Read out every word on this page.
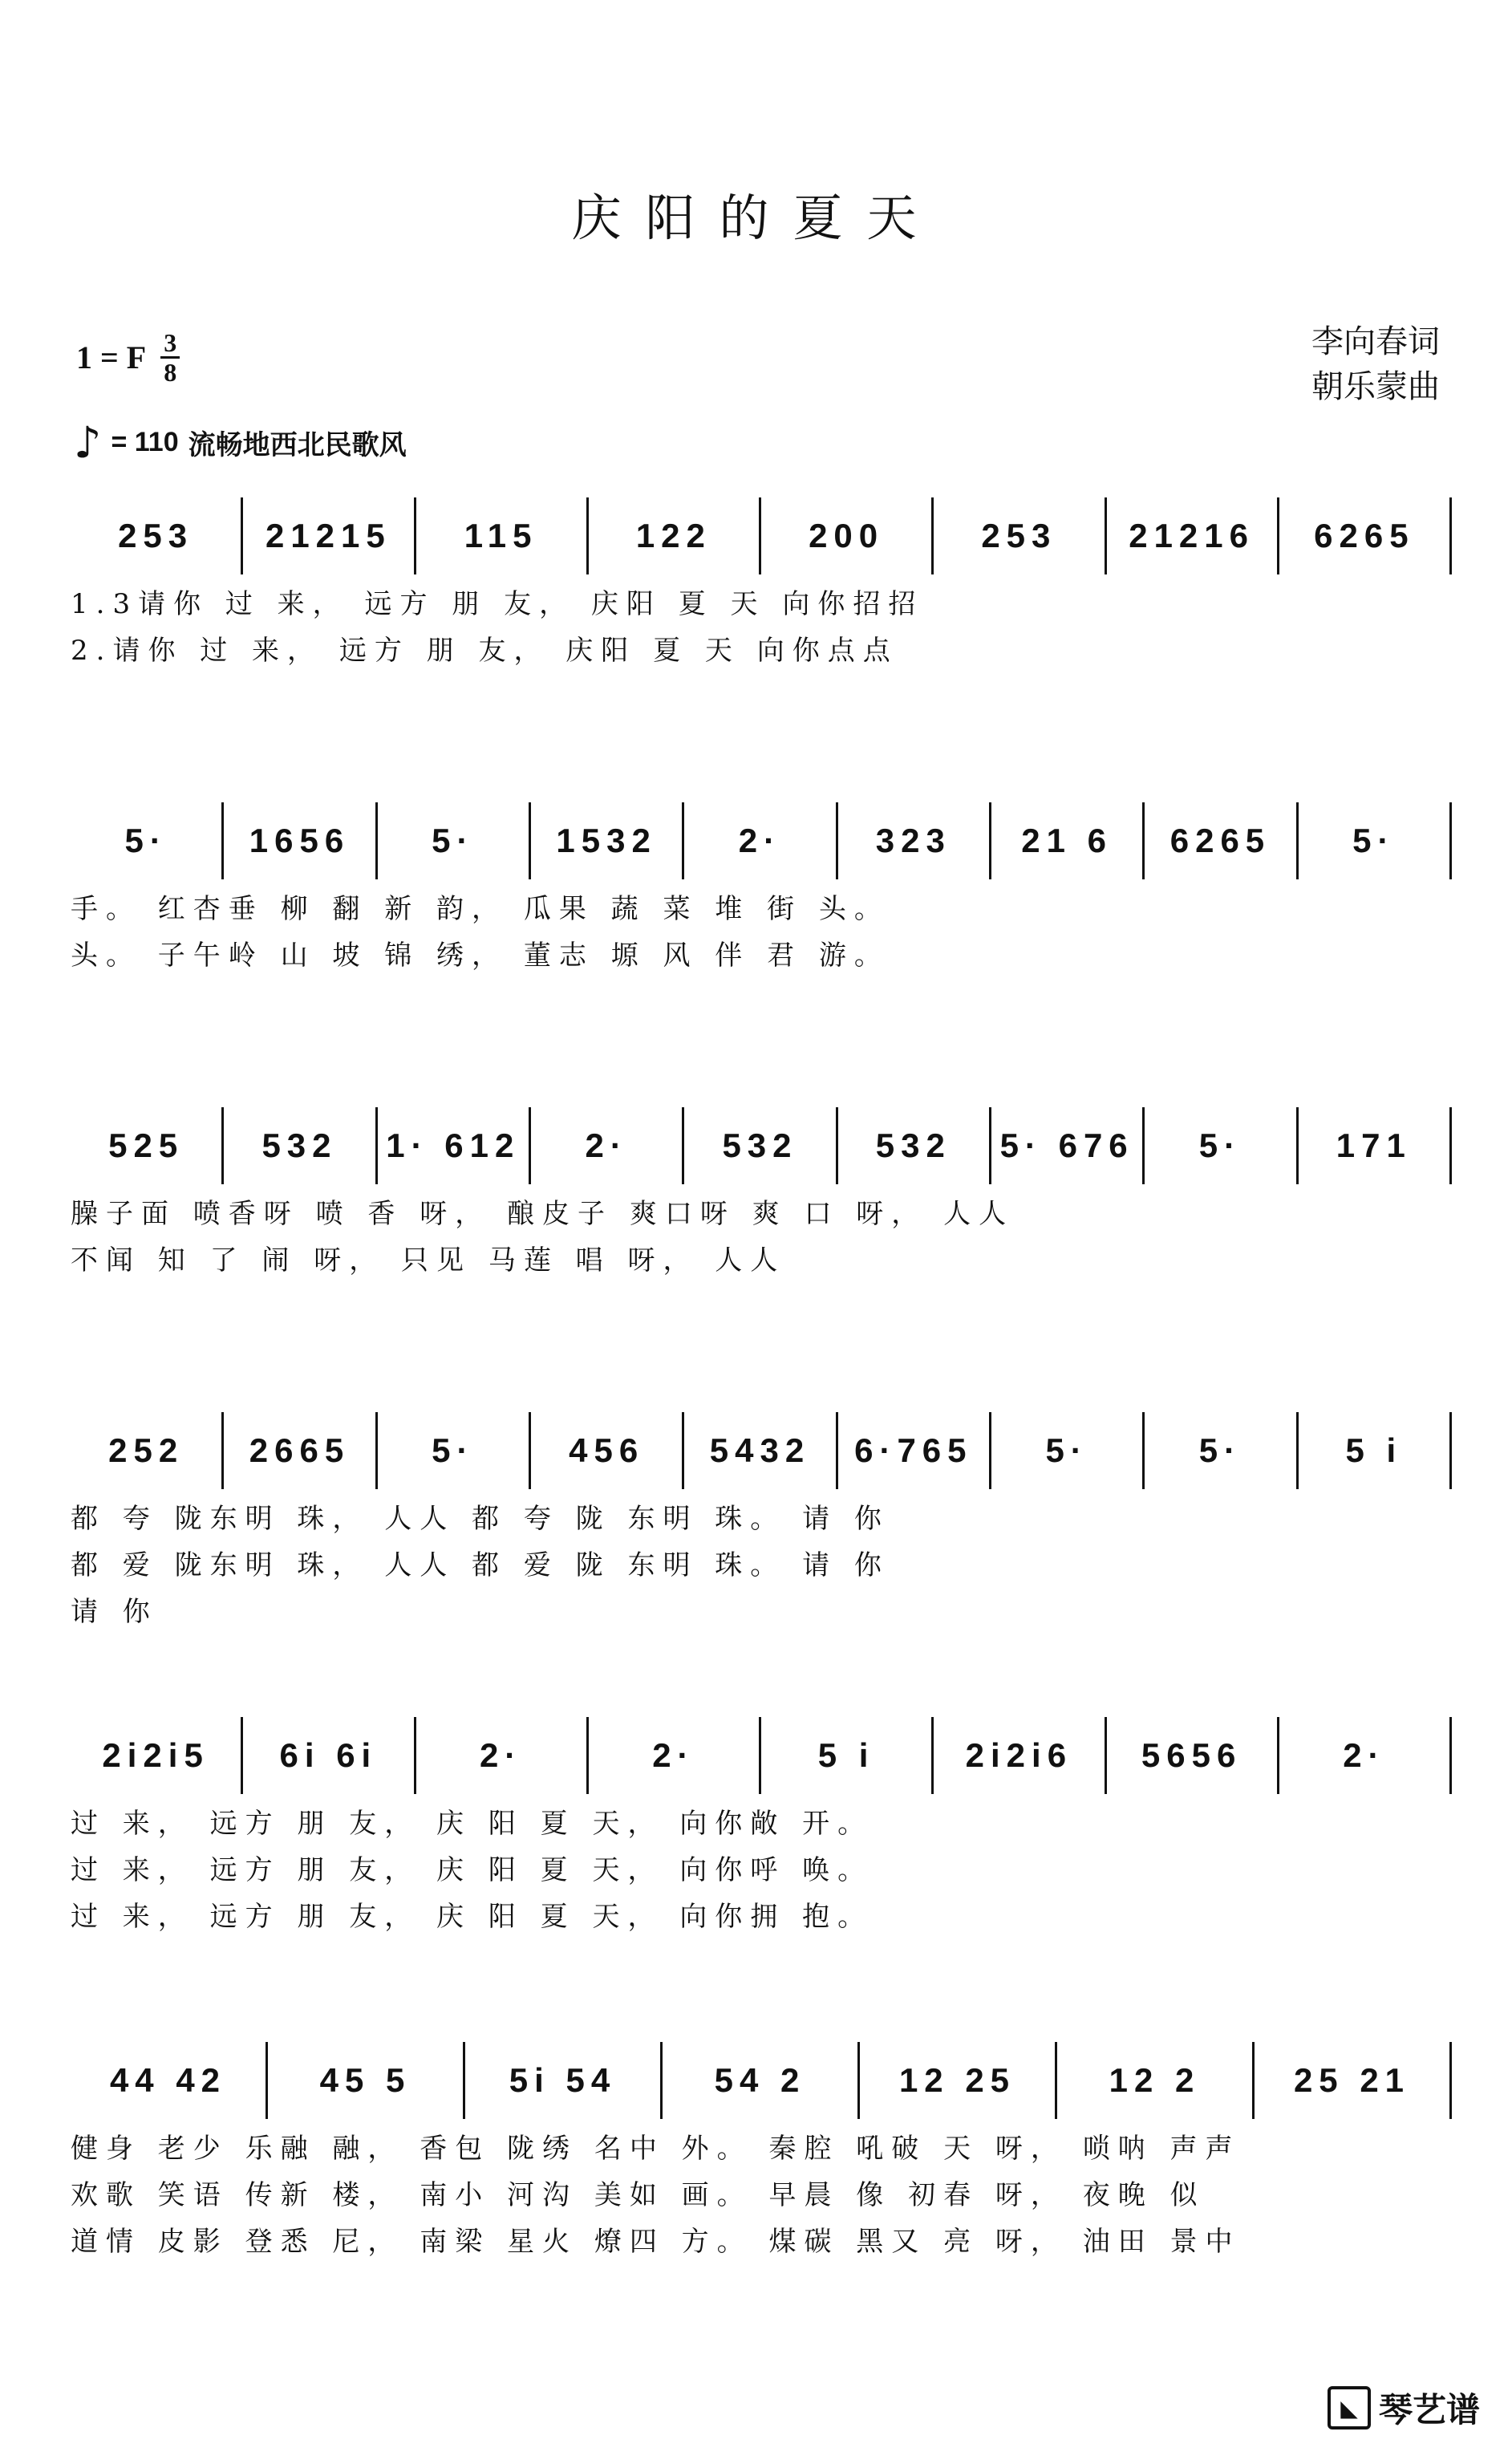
庆阳的夏天
1 = F $\frac{3}{8}$	李向春词
朝乐蒙曲
♪ = 110 流畅地西北民歌风
253	21215	115	122	200	253	21216	6265
1.3请你 过 来， 远方 朋 友， 庆阳 夏 天 向你招招
2.请你 过 来， 远方 朋 友， 庆阳 夏 天 向你点点
5·	1656	5·	1532	2·	323	21 6	6265	5·
手。 红杏垂 柳 翻 新 韵， 瓜果 蔬 菜 堆 街 头。
头。 子午岭 山 坡 锦 绣， 董志 塬 风 伴 君 游。
525	532	1· 612	2·	532	532	5· 676	5·	171
臊子面 喷香呀 喷 香 呀， 酿皮子 爽口呀 爽 口 呀， 人人
不闻 知 了 闹 呀， 只见 马莲 唱 呀， 人人
252	2665	5·	456	5432	6·765	5·	5·	5 i
都 夸 陇东明 珠， 人人 都 夸 陇 东明 珠。 请 你
都 爱 陇东明 珠， 人人 都 爱 陇 东明 珠。 请 你
请 你
2i2i5	6i 6i	2·	2·	5 i	2i2i6	5656	2·
过 来， 远方 朋 友， 庆 阳 夏 天， 向你敞 开。
过 来， 远方 朋 友， 庆 阳 夏 天， 向你呼 唤。
过 来， 远方 朋 友， 庆 阳 夏 天， 向你拥 抱。
44 42	45 5	5i 54	54 2	12 25	12 2	25 21
健身 老少 乐融 融， 香包 陇绣 名中 外。 秦腔 吼破 天 呀， 唢呐 声声
欢歌 笑语 传新 楼， 南小 河沟 美如 画。 早晨 像 初春 呀， 夜晚 似
道情 皮影 登悉 尼， 南梁 星火 燎四 方。 煤碳 黑又 亮 呀， 油田 景中
◣ 琴艺谱
